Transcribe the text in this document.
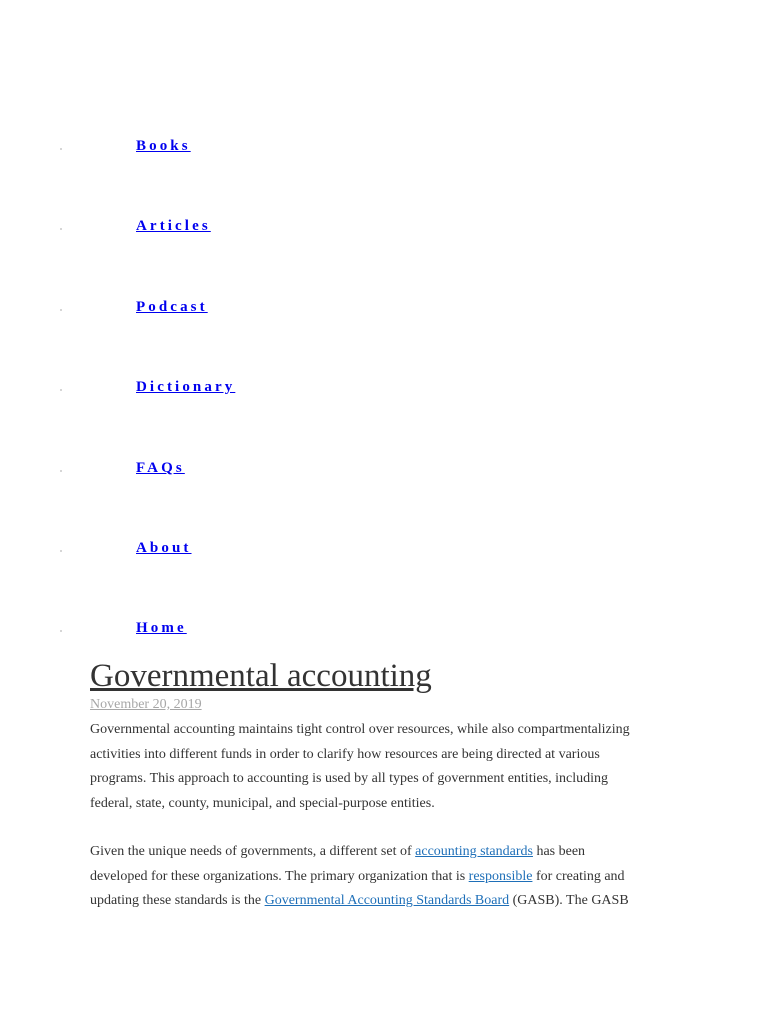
Books
Articles
Podcast
Dictionary
FAQs
About
Home
Governmental accounting
November 20, 2019

Governmental accounting maintains tight control over resources, while also compartmentalizing
activities into different funds in order to clarify how resources are being directed at various
programs. This approach to accounting is used by all types of government entities, including
federal, state, county, municipal, and special-purpose entities.

Given the unique needs of governments, a different set of accounting standards has been
developed for these organizations. The primary organization that is responsible for creating and
updating these standards is the Governmental Accounting Standards Board (GASB). The GASB
